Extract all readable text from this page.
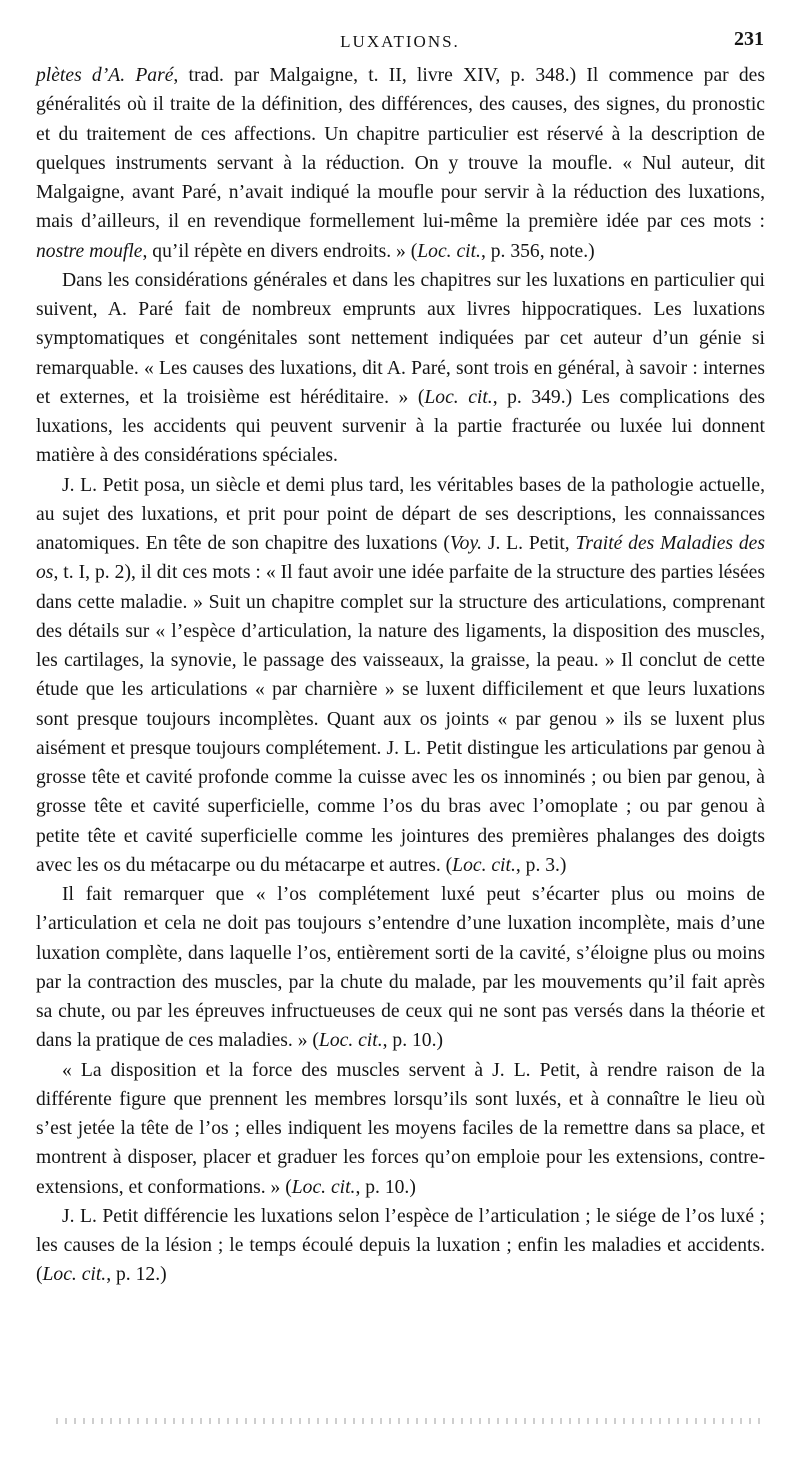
LUXATIONS.	231

plètes d’A. Paré, trad. par Malgaigne, t. II, livre XIV, p. 348.) Il commence par des généralités où il traite de la définition, des différences, des causes, des signes, du pronostic et du traitement de ces affections. Un chapitre particulier est réservé à la description de quelques instruments servant à la réduction. On y trouve la moufle. « Nul auteur, dit Malgaigne, avant Paré, n’avait indiqué la moufle pour servir à la réduction des luxations, mais d’ailleurs, il en revendique formellement lui-même la première idée par ces mots : nostre moufle, qu’il répète en divers endroits. » (Loc. cit., p. 356, note.)

Dans les considérations générales et dans les chapitres sur les luxations en particulier qui suivent, A. Paré fait de nombreux emprunts aux livres hippocratiques. Les luxations symptomatiques et congénitales sont nettement indiquées par cet auteur d’un génie si remarquable. « Les causes des luxations, dit A. Paré, sont trois en général, à savoir : internes et externes, et la troisième est héréditaire. » (Loc. cit., p. 349.) Les complications des luxations, les accidents qui peuvent survenir à la partie fracturée ou luxée lui donnent matière à des considérations spéciales.

J. L. Petit posa, un siècle et demi plus tard, les véritables bases de la pathologie actuelle, au sujet des luxations, et prit pour point de départ de ses descriptions, les connaissances anatomiques. En tête de son chapitre des luxations (Voy. J. L. Petit, Traité des Maladies des os, t. I, p. 2), il dit ces mots : « Il faut avoir une idée parfaite de la structure des parties lésées dans cette maladie. » Suit un chapitre complet sur la structure des articulations, comprenant des détails sur « l’espèce d’articulation, la nature des ligaments, la disposition des muscles, les cartilages, la synovie, le passage des vaisseaux, la graisse, la peau. » Il conclut de cette étude que les articulations « par charnière » se luxent difficilement et que leurs luxations sont presque toujours incomplètes. Quant aux os joints « par genou » ils se luxent plus aisément et presque toujours complétement. J. L. Petit distingue les articulations par genou à grosse tête et cavité profonde comme la cuisse avec les os innominés ; ou bien par genou, à grosse tête et cavité superficielle, comme l’os du bras avec l’omoplate ; ou par genou à petite tête et cavité superficielle comme les jointures des premières phalanges des doigts avec les os du métacarpe ou du métacarpe et autres. (Loc. cit., p. 3.)

Il fait remarquer que « l’os complétement luxé peut s’écarter plus ou moins de l’articulation et cela ne doit pas toujours s’entendre d’une luxation incomplète, mais d’une luxation complète, dans laquelle l’os, entièrement sorti de la cavité, s’éloigne plus ou moins par la contraction des muscles, par la chute du malade, par les mouvements qu’il fait après sa chute, ou par les épreuves infructueuses de ceux qui ne sont pas versés dans la théorie et dans la pratique de ces maladies. » (Loc. cit., p. 10.)

« La disposition et la force des muscles servent à J. L. Petit, à rendre raison de la différente figure que prennent les membres lorsqu’ils sont luxés, et à connaître le lieu où s’est jetée la tête de l’os ; elles indiquent les moyens faciles de la remettre dans sa place, et montrent à disposer, placer et graduer les forces qu’on emploie pour les extensions, contre-extensions, et conformations. » (Loc. cit., p. 10.)

J. L. Petit différencie les luxations selon l’espèce de l’articulation ; le siége de l’os luxé ; les causes de la lésion ; le temps écoulé depuis la luxation ; enfin les maladies et accidents. (Loc. cit., p. 12.)
